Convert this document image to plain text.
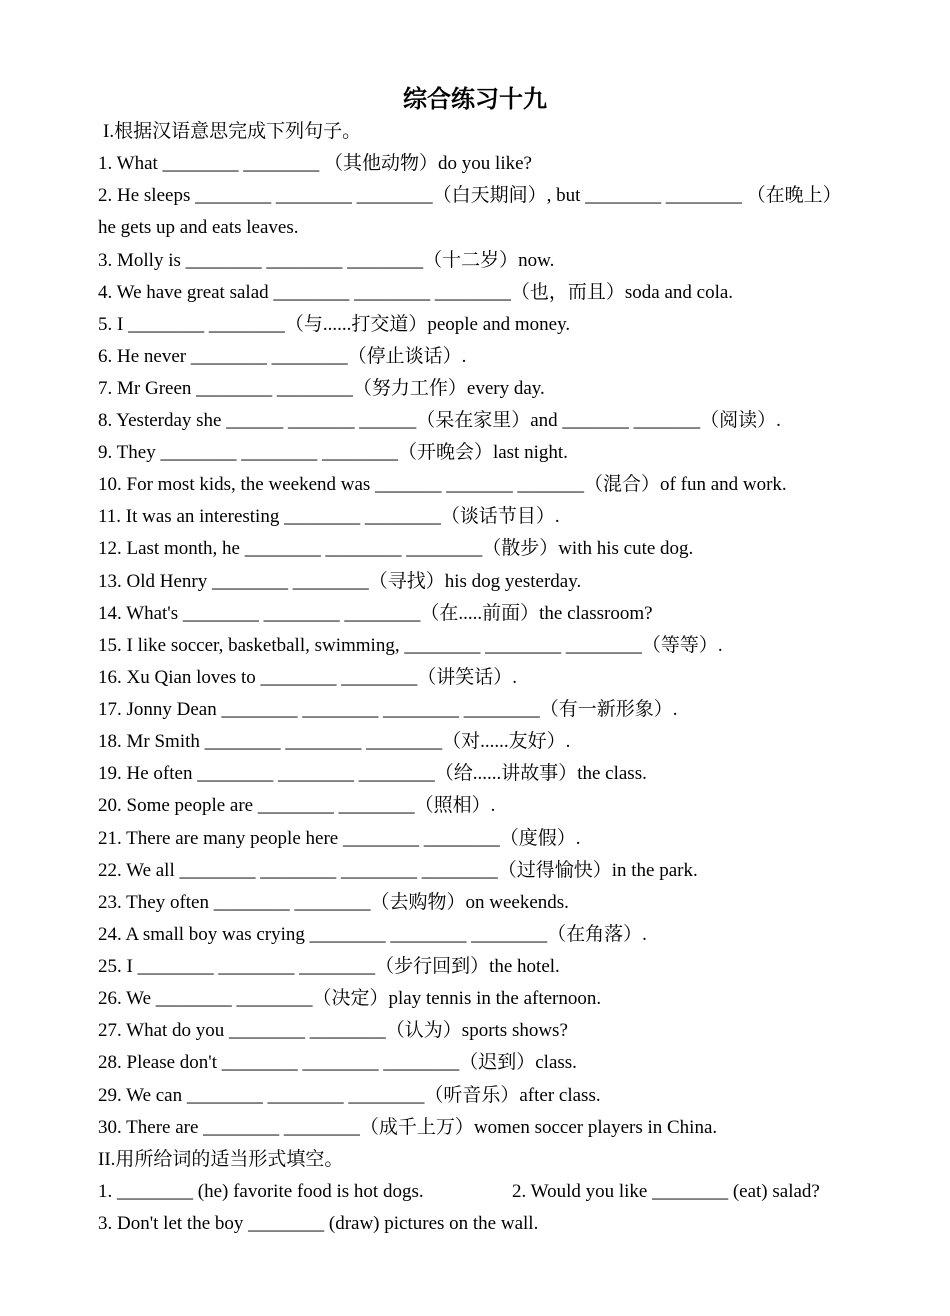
综合练习十九
I.根据汉语意思完成下列句子。
1. What ________ ________ （其他动物）do you like?
2. He sleeps ________ ________ ________（白天期间）, but ________ ________ （在晚上）he gets up and eats leaves.
3. Molly is ________ ________ ________（十二岁）now.
4. We have great salad ________ ________ ________（也，而且）soda and cola.
5. I ________ ________（与......打交道）people and money.
6. He never ________ ________（停止谈话）.
7. Mr Green ________ ________（努力工作）every day.
8. Yesterday she ______ _______ ______（呆在家里）and _______ _______（阅读）.
9. They ________ ________ ________（开晚会）last night.
10. For most kids, the weekend was _______ _______ _______（混合）of fun and work.
11. It was an interesting ________ ________（谈话节目）.
12. Last month, he ________ ________ ________（散步）with his cute dog.
13. Old Henry ________ ________（寻找）his dog yesterday.
14. What's ________ ________ ________（在.....前面）the classroom?
15. I like soccer, basketball, swimming, ________ ________ ________（等等）.
16. Xu Qian loves to ________ ________（讲笑话）.
17. Jonny Dean ________ ________ ________ ________（有一新形象）.
18. Mr Smith ________ ________ ________（对......友好）.
19. He often ________ ________ ________（给......讲故事）the class.
20. Some people are ________ ________（照相）.
21. There are many people here ________ ________（度假）.
22. We all ________ ________ ________ ________（过得愉快）in the park.
23. They often ________ ________（去购物）on weekends.
24. A small boy was crying ________ ________ ________（在角落）.
25. I ________ ________ ________（步行回到）the hotel.
26. We ________ ________（决定）play tennis in the afternoon.
27. What do you ________ ________（认为）sports shows?
28. Please don't ________ ________ ________（迟到）class.
29. We can ________ ________ ________（听音乐）after class.
30. There are ________ ________（成千上万）women soccer players in China.
II.用所给词的适当形式填空。
1. ________ (he) favorite food is hot dogs.	2. Would you like ________ (eat) salad?
3. Don't let the boy ________ (draw) pictures on the wall.
